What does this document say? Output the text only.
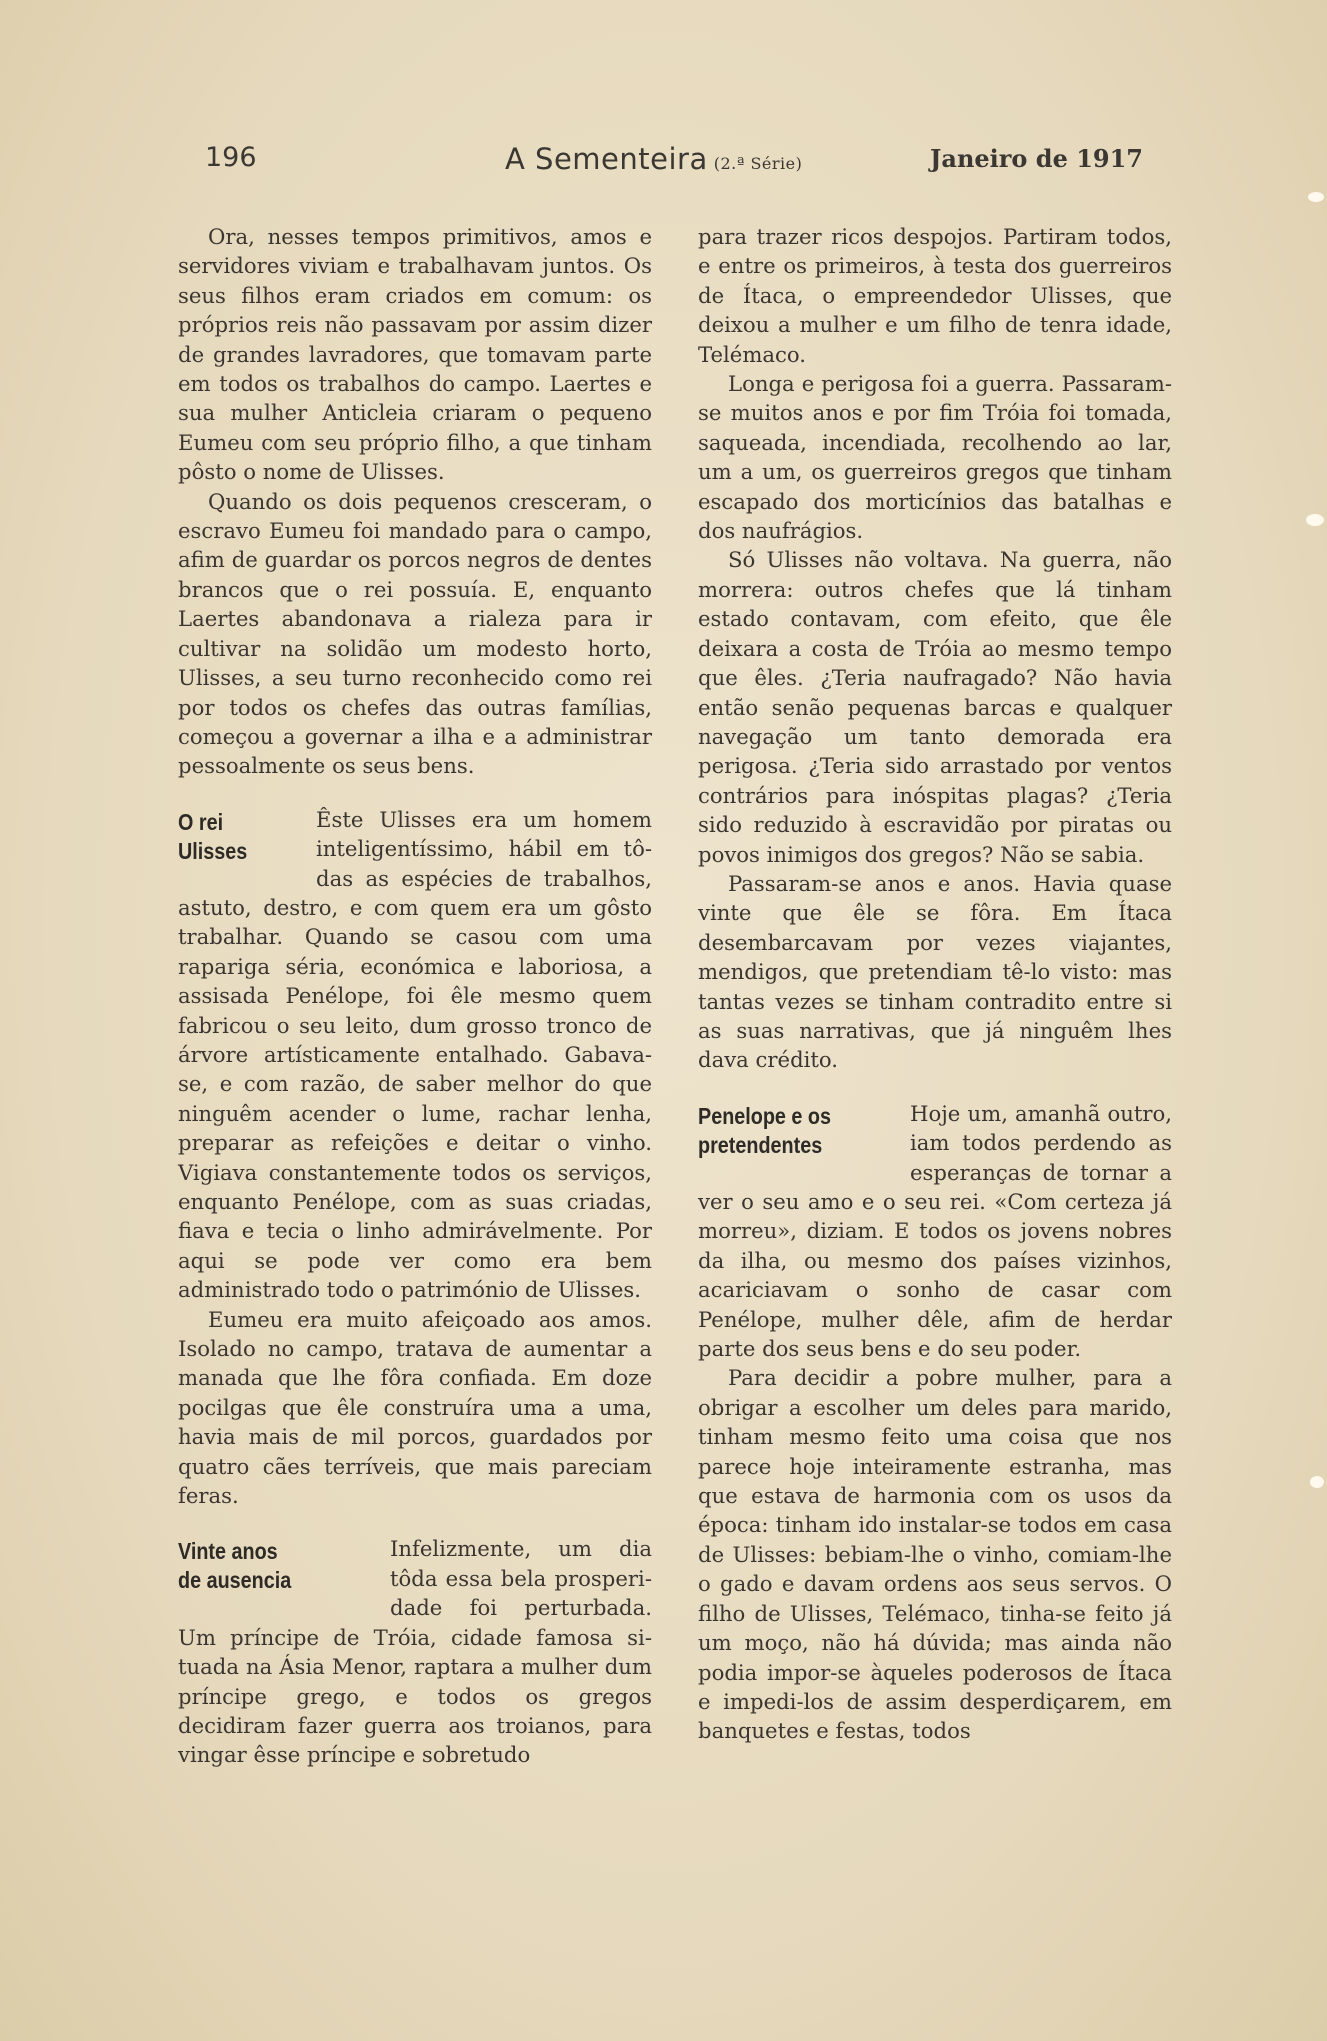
196	A Sementeira (2.ª Série)	Janeiro de 1917

Ora, nesses tempos primitivos, amos e servidores viviam e trabalhavam juntos. Os seus filhos eram criados em comum: os próprios reis não passavam por assim dizer de grandes lavradores, que tomavam parte em todos os trabalhos do campo. Laertes e sua mulher Anticleia criaram o pequeno Eumeu com seu próprio filho, a que tinham pôsto o nome de Ulisses.

Quando os dois pequenos cresceram, o escravo Eumeu foi mandado para o campo, afim de guardar os porcos negros de dentes brancos que o rei possuía. E, enquanto Laertes abandonava a rialeza para ir cultivar na solidão um modesto horto, Ulisses, a seu turno reconhecido como rei por todos os chefes das outras famílias, começou a governar a ilha e a administrar pessoalmente os seus bens.

O rei
Ulisses

Êste Ulisses era um homem inteligentíssimo, hábil em tôdas as espécies de trabalhos, astuto, destro, e com quem era um gôsto trabalhar. Quando se casou com uma rapariga séria, económica e laboriosa, a assisada Penélope, foi êle mesmo quem fabricou o seu leito, dum grosso tronco de árvore artísticamente entalhado. Gabava-se, e com razão, de saber melhor do que ninguêm acender o lume, rachar lenha, preparar as refeições e deitar o vinho. Vigiava constantemente todos os serviços, enquanto Penélope, com as suas criadas, fiava e tecia o linho admirávelmente. Por aqui se pode ver como era bem administrado todo o património de Ulisses.

Eumeu era muito afeiçoado aos amos. Isolado no campo, tratava de aumentar a manada que lhe fôra confiada. Em doze pocilgas que êle construíra uma a uma, havia mais de mil porcos, guardados por quatro cães terríveis, que mais pareciam feras.

Vinte anos
de ausencia

Infelizmente, um dia tôda essa bela prosperidade foi perturbada. Um príncipe de Tróia, cidade famosa situada na Ásia Menor, raptara a mulher dum príncipe grego, e todos os gregos decidiram fazer guerra aos troianos, para vingar êsse príncipe e sobretudo

para trazer ricos despojos. Partiram todos, e entre os primeiros, à testa dos guerreiros de Ítaca, o empreendedor Ulisses, que deixou a mulher e um filho de tenra idade, Telémaco.

Longa e perigosa foi a guerra. Passaram-se muitos anos e por fim Tróia foi tomada, saqueada, incendiada, recolhendo ao lar, um a um, os guerreiros gregos que tinham escapado dos morticínios das batalhas e dos naufrágios.

Só Ulisses não voltava. Na guerra, não morrera: outros chefes que lá tinham estado contavam, com efeito, que êle deixara a costa de Tróia ao mesmo tempo que êles. ¿Teria naufragado? Não havia então senão pequenas barcas e qualquer navegação um tanto demorada era perigosa. ¿Teria sido arrastado por ventos contrários para inóspitas plagas? ¿Teria sido reduzido à escravidão por piratas ou povos inimigos dos gregos? Não se sabia.

Passaram-se anos e anos. Havia quase vinte que êle se fôra. Em Ítaca desembarcavam por vezes viajantes, mendigos, que pretendiam tê-lo visto: mas tantas vezes se tinham contradito entre si as suas narrativas, que já ninguêm lhes dava crédito.

Penelope e os
pretendentes

Hoje um, amanhã outro, iam todos perdendo as esperanças de tornar a ver o seu amo e o seu rei. «Com certeza já morreu», diziam. E todos os jovens nobres da ilha, ou mesmo dos países vizinhos, acariciavam o sonho de casar com Penélope, mulher dêle, afim de herdar parte dos seus bens e do seu poder.

Para decidir a pobre mulher, para a obrigar a escolher um deles para marido, tinham mesmo feito uma coisa que nos parece hoje inteiramente estranha, mas que estava de harmonia com os usos da época: tinham ido instalar-se todos em casa de Ulisses: bebiam-lhe o vinho, comiam-lhe o gado e davam ordens aos seus servos. O filho de Ulisses, Telémaco, tinha-se feito já um moço, não há dúvida; mas ainda não podia impor-se àqueles poderosos de Ítaca e impedi-los de assim desperdiçarem, em banquetes e festas, todos
